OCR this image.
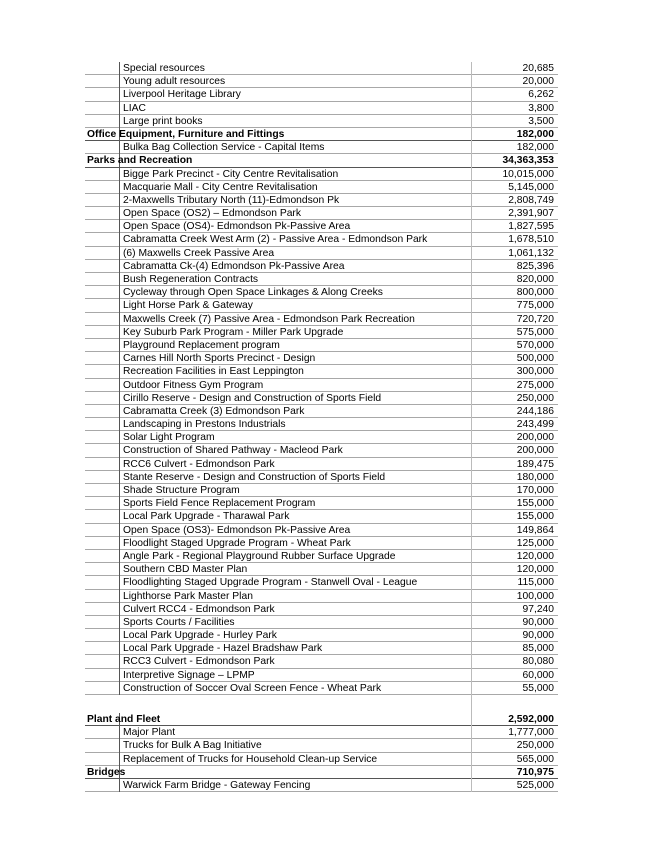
Special resources	20,685
Young adult resources	20,000
Liverpool Heritage Library	6,262
LIAC	3,800
Large print books	3,500
Office Equipment, Furniture and Fittings	182,000
Bulka Bag Collection Service - Capital Items	182,000
Parks and Recreation	34,363,353
Bigge Park Precinct - City Centre Revitalisation	10,015,000
Macquarie Mall - City Centre Revitalisation	5,145,000
2-Maxwells Tributary North (11)-Edmondson Pk	2,808,749
Open Space (OS2) – Edmondson Park	2,391,907
Open Space (OS4)- Edmondson Pk-Passive Area	1,827,595
Cabramatta Creek West Arm (2) - Passive Area - Edmondson Park	1,678,510
(6) Maxwells Creek Passive Area	1,061,132
Cabramatta Ck-(4) Edmondson Pk-Passive Area	825,396
Bush Regeneration Contracts	820,000
Cycleway through Open Space Linkages & Along Creeks	800,000
Light Horse Park & Gateway	775,000
Maxwells Creek (7) Passive Area - Edmondson Park Recreation	720,720
Key Suburb Park Program - Miller Park Upgrade	575,000
Playground Replacement program	570,000
Carnes Hill North Sports Precinct - Design	500,000
Recreation Facilities in East Leppington	300,000
Outdoor Fitness Gym Program	275,000
Cirillo Reserve - Design and Construction of Sports Field	250,000
Cabramatta Creek (3) Edmondson Park	244,186
Landscaping in Prestons Industrials	243,499
Solar Light Program	200,000
Construction of Shared Pathway - Macleod Park	200,000
RCC6 Culvert - Edmondson Park	189,475
Stante Reserve - Design and Construction of Sports Field	180,000
Shade Structure Program	170,000
Sports Field Fence Replacement Program	155,000
Local Park Upgrade - Tharawal Park	155,000
Open Space (OS3)- Edmondson Pk-Passive Area	149,864
Floodlight Staged Upgrade Program - Wheat Park	125,000
Angle Park - Regional Playground Rubber Surface Upgrade	120,000
Southern CBD Master Plan	120,000
Floodlighting Staged Upgrade Program - Stanwell Oval - League	115,000
Lighthorse Park Master Plan	100,000
Culvert RCC4 - Edmondson Park	97,240
Sports Courts / Facilities	90,000
Local Park Upgrade - Hurley Park	90,000
Local Park Upgrade - Hazel Bradshaw Park	85,000
RCC3 Culvert - Edmondson Park	80,080
Interpretive Signage – LPMP	60,000
Construction of Soccer Oval Screen Fence - Wheat Park	55,000
Plant and Fleet	2,592,000
Major Plant	1,777,000
Trucks for Bulk A Bag Initiative	250,000
Replacement of Trucks for Household Clean-up Service	565,000
Bridges	710,975
Warwick Farm Bridge - Gateway Fencing	525,000
